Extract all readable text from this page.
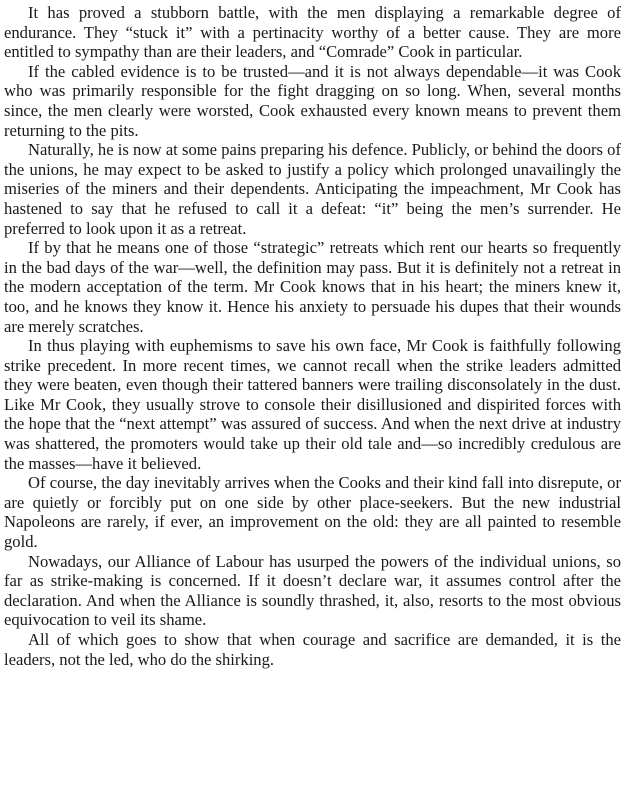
It has proved a stubborn battle, with the men displaying a remarkable degree of endurance. They “stuck it” with a pertinacity worthy of a better cause. They are more entitled to sympathy than are their leaders, and “Comrade” Cook in particular.

If the cabled evidence is to be trusted—and it is not always dependable—it was Cook who was primarily responsible for the fight dragging on so long. When, several months since, the men clearly were worsted, Cook exhausted every known means to prevent them returning to the pits.

Naturally, he is now at some pains preparing his defence. Publicly, or behind the doors of the unions, he may expect to be asked to justify a policy which prolonged unavailingly the miseries of the miners and their dependents. Anticipating the impeachment, Mr Cook has hastened to say that he refused to call it a defeat: “it” being the men’s surrender. He preferred to look upon it as a retreat.

If by that he means one of those “strategic” retreats which rent our hearts so frequently in the bad days of the war—well, the definition may pass. But it is definitely not a retreat in the modern acceptation of the term. Mr Cook knows that in his heart; the miners knew it, too, and he knows they know it. Hence his anxiety to persuade his dupes that their wounds are merely scratches.

In thus playing with euphemisms to save his own face, Mr Cook is faithfully following strike precedent. In more recent times, we cannot recall when the strike leaders admitted they were beaten, even though their tattered banners were trailing disconsolately in the dust. Like Mr Cook, they usually strove to console their disillusioned and dispirited forces with the hope that the “next attempt” was assured of success. And when the next drive at industry was shattered, the promoters would take up their old tale and—so incredibly credulous are the masses—have it believed.

Of course, the day inevitably arrives when the Cooks and their kind fall into disrepute, or are quietly or forcibly put on one side by other place-seekers. But the new industrial Napoleons are rarely, if ever, an improvement on the old: they are all painted to resemble gold.

Nowadays, our Alliance of Labour has usurped the powers of the individual unions, so far as strike-making is concerned. If it doesn’t declare war, it assumes control after the declaration. And when the Alliance is soundly thrashed, it, also, resorts to the most obvious equivocation to veil its shame.

All of which goes to show that when courage and sacrifice are demanded, it is the leaders, not the led, who do the shirking.
